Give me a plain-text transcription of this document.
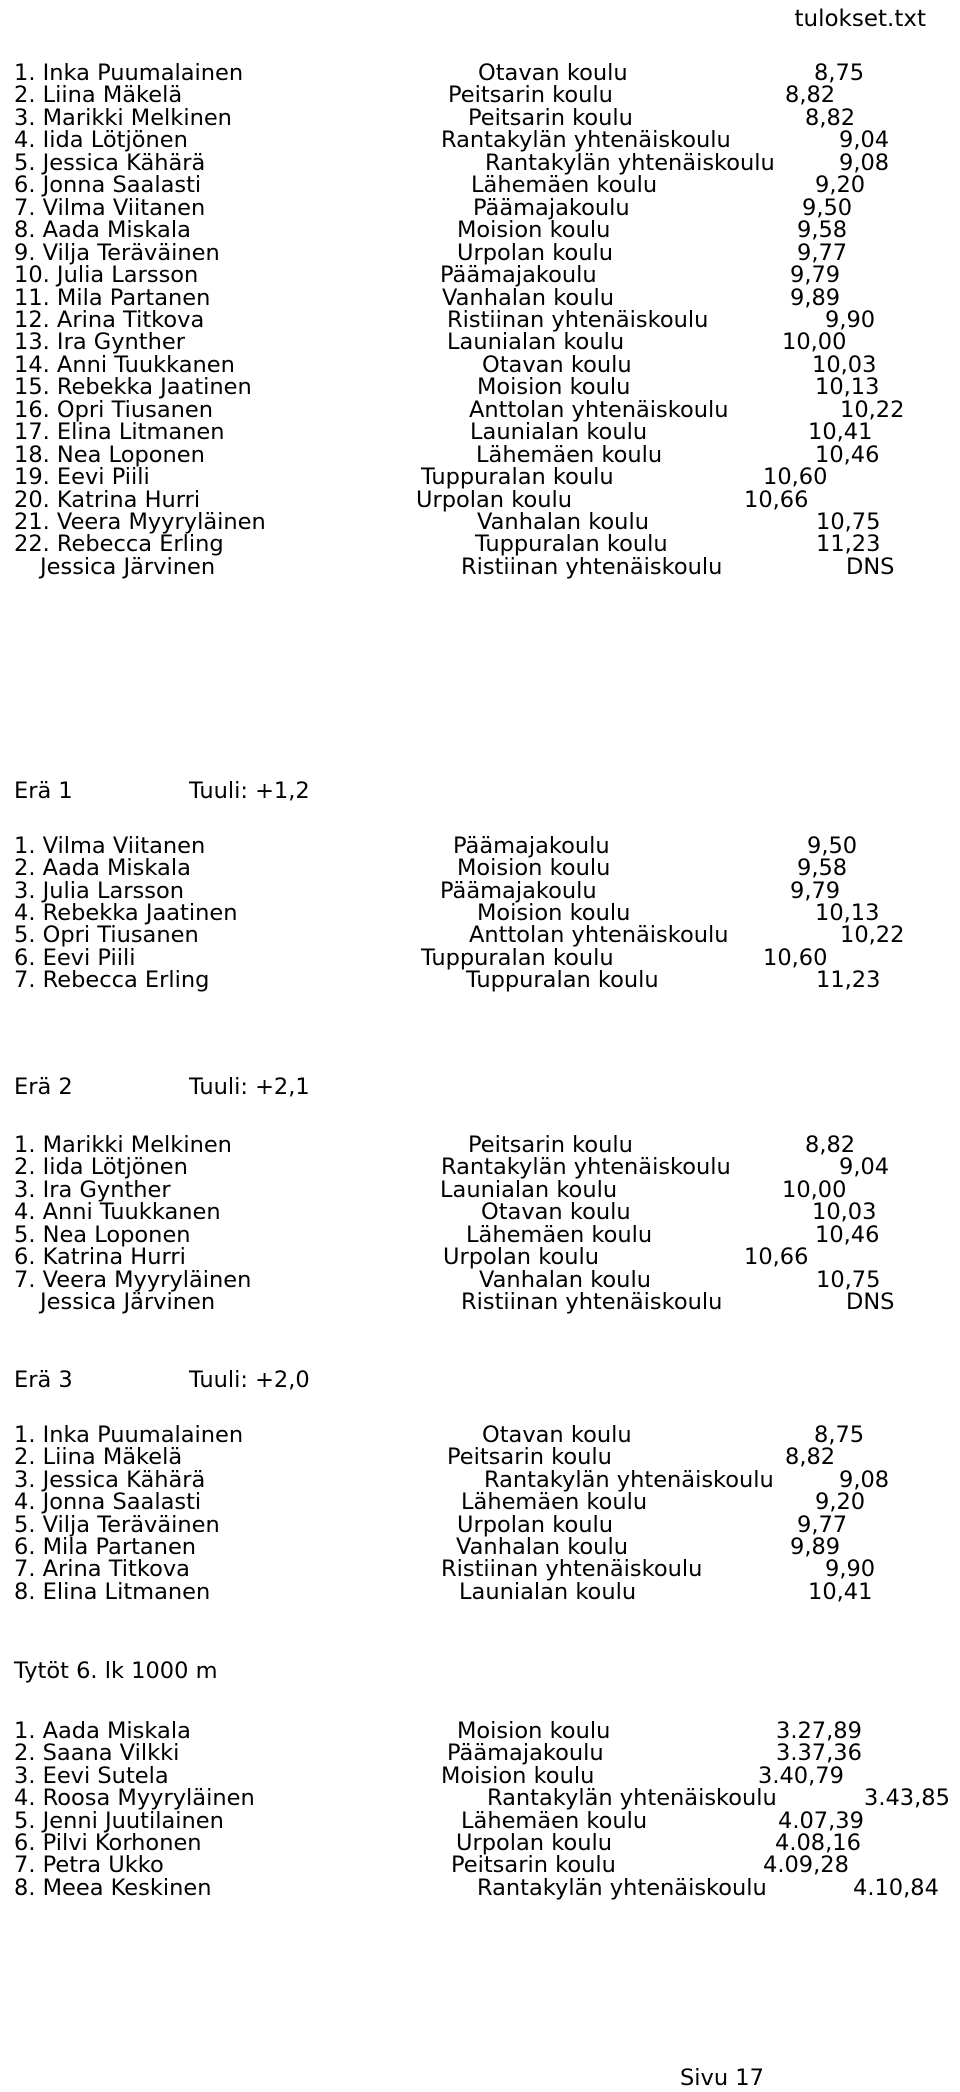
tulokset.txt
1. Inka Puumalainen	Otavan koulu	8,75
2. Liina Mäkelä	Peitsarin koulu	8,82
3. Marikki Melkinen	Peitsarin koulu	8,82
4. Iida Lötjönen	Rantakylän yhtenäiskoulu	9,04
5. Jessica Kähärä	Rantakylän yhtenäiskoulu	9,08
6. Jonna Saalasti	Lähemäen koulu	9,20
7. Vilma Viitanen	Päämajakoulu	9,50
8. Aada Miskala	Moision koulu	9,58
9. Vilja Teräväinen	Urpolan koulu	9,77
10. Julia Larsson	Päämajakoulu	9,79
11. Mila Partanen	Vanhalan koulu	9,89
12. Arina Titkova	Ristiinan yhtenäiskoulu	9,90
13. Ira Gynther	Launialan koulu	10,00
14. Anni Tuukkanen	Otavan koulu	10,03
15. Rebekka Jaatinen	Moision koulu	10,13
16. Opri Tiusanen	Anttolan yhtenäiskoulu	10,22
17. Elina Litmanen	Launialan koulu	10,41
18. Nea Loponen	Lähemäen koulu	10,46
19. Eevi Piili	Tuppuralan koulu	10,60
20. Katrina Hurri	Urpolan koulu	10,66
21. Veera Myyryläinen	Vanhalan koulu	10,75
22. Rebecca Erling	Tuppuralan koulu	11,23
Jessica Järvinen	Ristiinan yhtenäiskoulu	DNS
Erä 1	Tuuli: +1,2
1. Vilma Viitanen	Päämajakoulu	9,50
2. Aada Miskala	Moision koulu	9,58
3. Julia Larsson	Päämajakoulu	9,79
4. Rebekka Jaatinen	Moision koulu	10,13
5. Opri Tiusanen	Anttolan yhtenäiskoulu	10,22
6. Eevi Piili	Tuppuralan koulu	10,60
7. Rebecca Erling	Tuppuralan koulu	11,23
Erä 2	Tuuli: +2,1
1. Marikki Melkinen	Peitsarin koulu	8,82
2. Iida Lötjönen	Rantakylän yhtenäiskoulu	9,04
3. Ira Gynther	Launialan koulu	10,00
4. Anni Tuukkanen	Otavan koulu	10,03
5. Nea Loponen	Lähemäen koulu	10,46
6. Katrina Hurri	Urpolan koulu	10,66
7. Veera Myyryläinen	Vanhalan koulu	10,75
Jessica Järvinen	Ristiinan yhtenäiskoulu	DNS
Erä 3	Tuuli: +2,0
1. Inka Puumalainen	Otavan koulu	8,75
2. Liina Mäkelä	Peitsarin koulu	8,82
3. Jessica Kähärä	Rantakylän yhtenäiskoulu	9,08
4. Jonna Saalasti	Lähemäen koulu	9,20
5. Vilja Teräväinen	Urpolan koulu	9,77
6. Mila Partanen	Vanhalan koulu	9,89
7. Arina Titkova	Ristiinan yhtenäiskoulu	9,90
8. Elina Litmanen	Launialan koulu	10,41
Tytöt 6. lk 1000 m
1. Aada Miskala	Moision koulu	3.27,89
2. Saana Vilkki	Päämajakoulu	3.37,36
3. Eevi Sutela	Moision koulu	3.40,79
4. Roosa Myyryläinen	Rantakylän yhtenäiskoulu	3.43,85
5. Jenni Juutilainen	Lähemäen koulu	4.07,39
6. Pilvi Korhonen	Urpolan koulu	4.08,16
7. Petra Ukko	Peitsarin koulu	4.09,28
8. Meea Keskinen	Rantakylän yhtenäiskoulu	4.10,84
Sivu 17
